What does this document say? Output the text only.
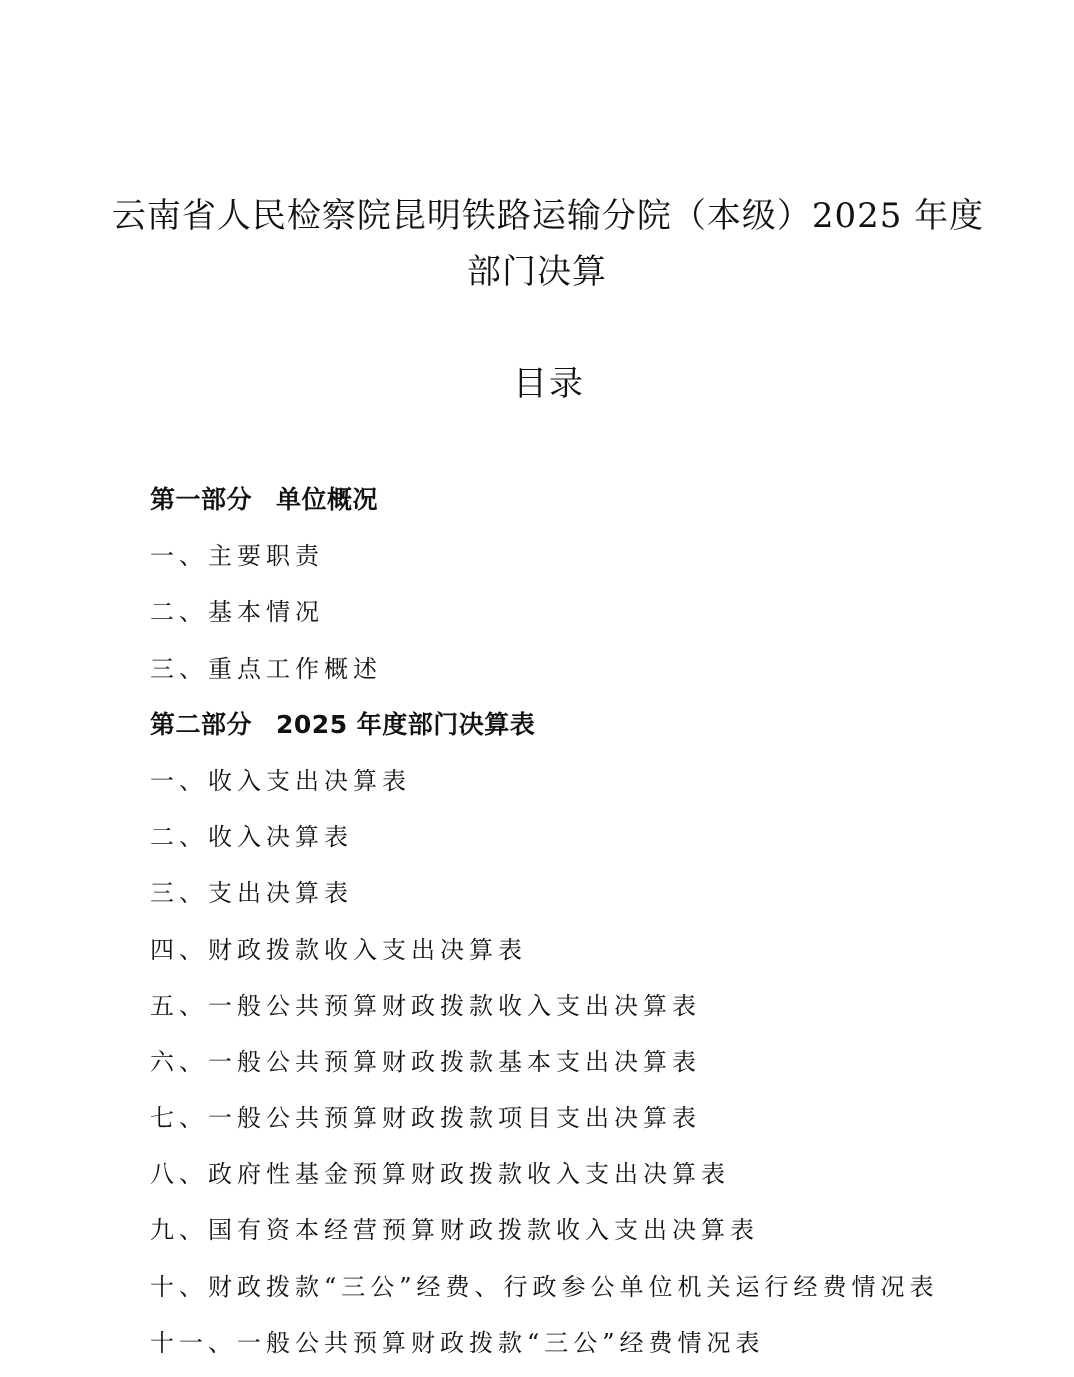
云南省人民检察院昆明铁路运输分院（本级）2025 年度
部门决算
目录
第一部分 单位概况
一、主要职责
二、基本情况
三、重点工作概述
第二部分 2025 年度部门决算表
一、收入支出决算表
二、收入决算表
三、支出决算表
四、财政拨款收入支出决算表
五、一般公共预算财政拨款收入支出决算表
六、一般公共预算财政拨款基本支出决算表
七、一般公共预算财政拨款项目支出决算表
八、政府性基金预算财政拨款收入支出决算表
九、国有资本经营预算财政拨款收入支出决算表
十、财政拨款“三公”经费、行政参公单位机关运行经费情况表
十一、一般公共预算财政拨款“三公”经费情况表
